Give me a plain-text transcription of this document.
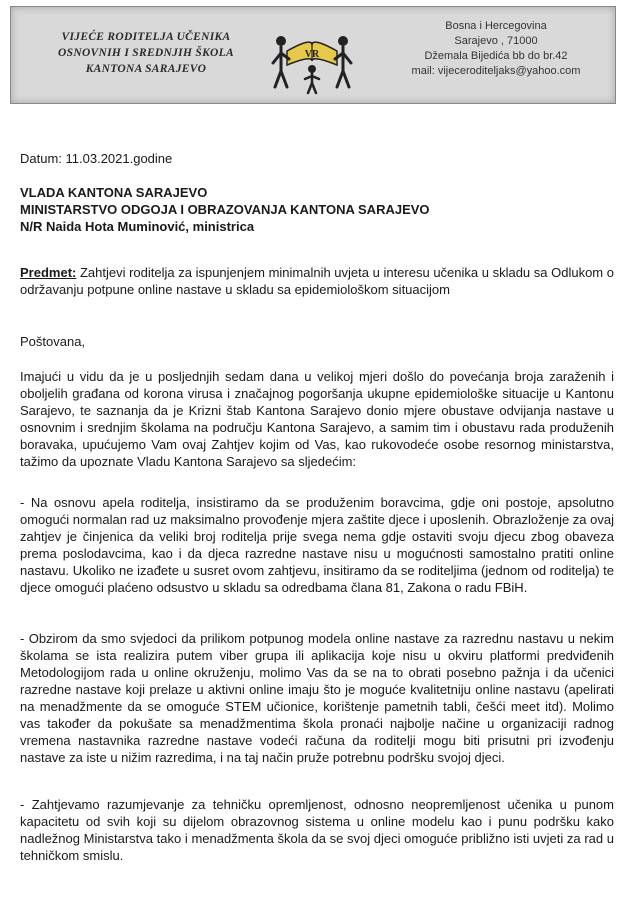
VIJEĆE RODITELJA UČENIKA
OSNOVNIH I SREDNJIH ŠKOLA
KANTONA SARAJEVO
VR
Bosna i Hercegovina
Sarajevo , 71000
Džemala Bijedića bb do br.42
mail: vijeceroditeljaks@yahoo.com
Datum: 11.03.2021.godine
VLADA KANTONA SARAJEVO
MINISTARSTVO ODGOJA I OBRAZOVANJA KANTONA SARAJEVO
N/R Naida Hota Muminović, ministrica
Predmet: Zahtjevi roditelja za ispunjenjem minimalnih uvjeta u interesu učenika u skladu sa Odlukom o održavanju potpune online nastave u skladu sa epidemiološkom situacijom
Poštovana,
Imajući u vidu da je u posljednjih sedam dana u velikoj mjeri došlo do povećanja broja zaraženih i oboljelih građana od korona virusa i značajnog pogoršanja ukupne epidemiološke situacije u Kantonu Sarajevo, te saznanja da je Krizni štab Kantona Sarajevo donio mjere obustave odvijanja nastave u osnovnim i srednjim školama na području Kantona Sarajevo, a samim tim i obustavu rada produženih boravaka, upućujemo Vam ovaj Zahtjev kojim od Vas, kao rukovodeće osobe resornog ministarstva, tažimo da upoznate Vladu Kantona Sarajevo sa sljedećim:
- Na osnovu apela roditelja, insistiramo da se produženim boravcima, gdje oni postoje, apsolutno omogući normalan rad uz maksimalno provođenje mjera zaštite djece i uposlenih. Obrazloženje za ovaj zahtjev je činjenica da veliki broj roditelja prije svega nema gdje ostaviti svoju djecu zbog obaveza prema poslodavcima, kao i da djeca razredne nastave nisu u mogućnosti samostalno pratiti online nastavu. Ukoliko ne izađete u susret ovom zahtjevu, insitiramo da se roditeljima (jednom od roditelja) te djece omogući plaćeno odsustvo u skladu sa odredbama člana 81, Zakona o radu FBiH.
- Obzirom da smo svjedoci da prilikom potpunog modela online nastave za razrednu nastavu u nekim školama se ista realizira putem viber grupa ili aplikacija koje nisu u okviru platformi predviđenih Metodologijom rada u online okruženju, molimo Vas da se na to obrati posebno pažnja i da učenici razredne nastave koji prelaze u aktivni online imaju što je moguće kvalitetniju online nastavu (apelirati na menadžmente da se omoguće STEM učionice, korištenje pametnih tabli, češći meet itd). Molimo vas također da pokušate sa menadžmentima škola pronaći najbolje načine u organizaciji radnog vremena nastavnika razredne nastave vodeći računa da roditelji mogu biti prisutni pri izvođenju nastave za iste u nižim razredima, i na taj način pruže potrebnu podršku svojoj djeci.
- Zahtjevamo razumjevanje za tehničku opremljenost, odnosno neopremljenost učenika u punom kapacitetu od svih koji su dijelom obrazovnog sistema u online modelu kao i punu podršku kako nadležnog Ministarstva tako i menadžmenta škola da se svoj djeci omoguće približno isti uvjeti za rad u tehničkom smislu.
